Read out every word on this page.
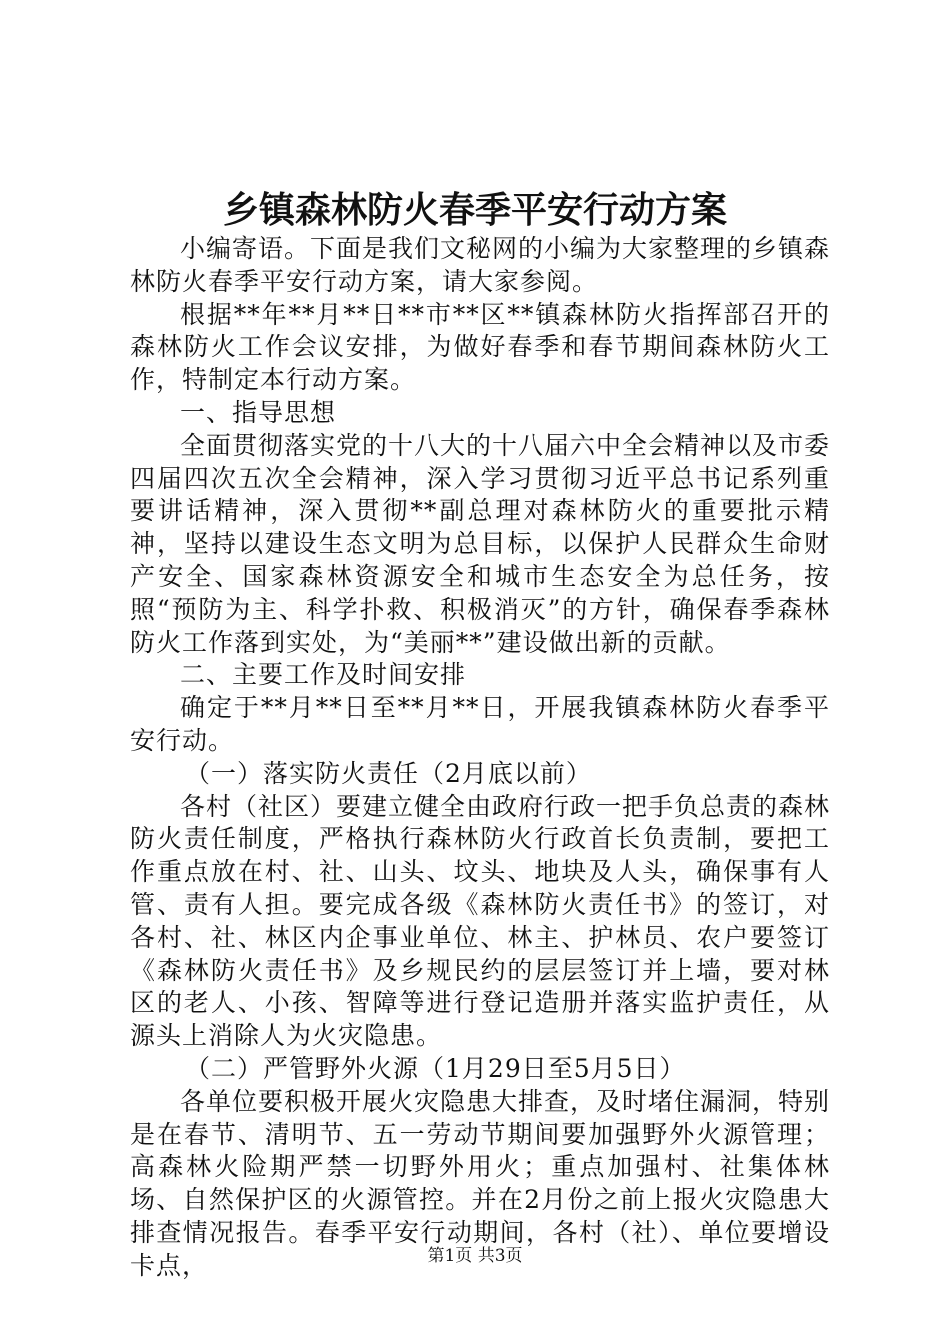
乡镇森林防火春季平安行动方案

小编寄语。下面是我们文秘网的小编为大家整理的乡镇森林防火春季平安行动方案，请大家参阅。

根据**年**月**日**市**区**镇森林防火指挥部召开的森林防火工作会议安排，为做好春季和春节期间森林防火工作，特制定本行动方案。

一、指导思想

全面贯彻落实党的十八大的十八届六中全会精神以及市委四届四次五次全会精神，深入学习贯彻习近平总书记系列重要讲话精神，深入贯彻**副总理对森林防火的重要批示精神，坚持以建设生态文明为总目标，以保护人民群众生命财产安全、国家森林资源安全和城市生态安全为总任务，按照“预防为主、科学扑救、积极消灭”的方针，确保春季森林防火工作落到实处，为“美丽**”建设做出新的贡献。

二、主要工作及时间安排

确定于**月**日至**月**日，开展我镇森林防火春季平安行动。

（一）落实防火责任（2月底以前）

各村（社区）要建立健全由政府行政一把手负总责的森林防火责任制度，严格执行森林防火行政首长负责制，要把工作重点放在村、社、山头、坟头、地块及人头，确保事有人管、责有人担。要完成各级《森林防火责任书》的签订，对各村、社、林区内企事业单位、林主、护林员、农户要签订《森林防火责任书》及乡规民约的层层签订并上墙，要对林区的老人、小孩、智障等进行登记造册并落实监护责任，从源头上消除人为火灾隐患。

（二）严管野外火源（1月29日至5月5日）

各单位要积极开展火灾隐患大排查，及时堵住漏洞，特别是在春节、清明节、五一劳动节期间要加强野外火源管理；高森林火险期严禁一切野外用火；重点加强村、社集体林场、自然保护区的火源管控。并在2月份之前上报火灾隐患大排查情况报告。春季平安行动期间，各村（社）、单位要增设卡点，	第1页 共3页
